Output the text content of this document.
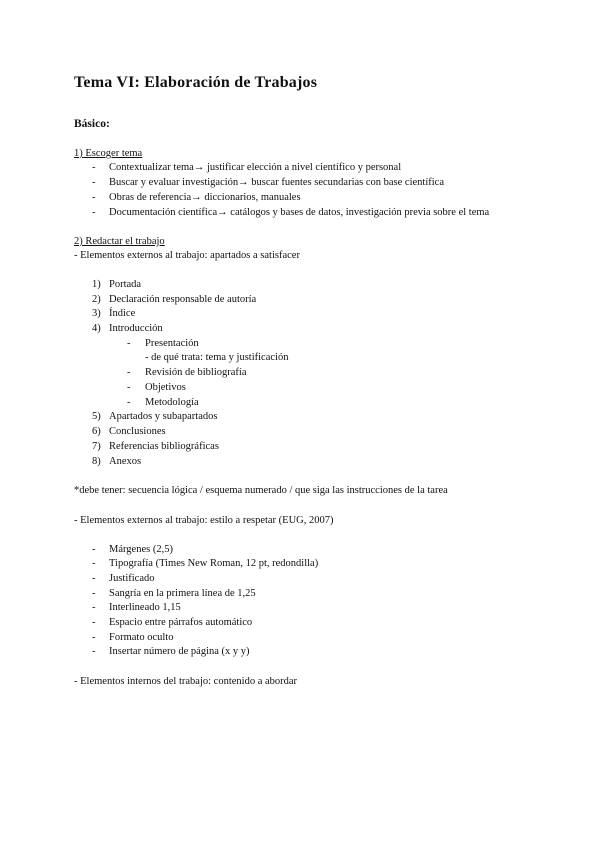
Tema VI: Elaboración de Trabajos
Básico:
1) Escoger tema
- Contextualizar tema→ justificar elección a nivel científico y personal
- Buscar y evaluar investigación→ buscar fuentes secundarias con base científica
- Obras de referencia→ diccionarios, manuales
- Documentación científica→ catálogos y bases de datos, investigación previa sobre el tema
2) Redactar el trabajo
- Elementos externos al trabajo: apartados a satisfacer
1) Portada
2) Declaración responsable de autoría
3) Índice
4) Introducción
- Presentación
- de qué trata: tema y justificación
- Revisión de bibliografía
- Objetivos
- Metodología
5) Apartados y subapartados
6) Conclusiones
7) Referencias bibliográficas
8) Anexos
*debe tener: secuencia lógica / esquema numerado / que siga las instrucciones de la tarea
- Elementos externos al trabajo: estilo a respetar (EUG, 2007)
- Márgenes (2,5)
- Tipografía (Times New Roman, 12 pt, redondilla)
- Justificado
- Sangría en la primera línea de 1,25
- Interlineado 1,15
- Espacio entre párrafos automático
- Formato oculto
- Insertar número de página (x y y)
- Elementos internos del trabajo: contenido a abordar
